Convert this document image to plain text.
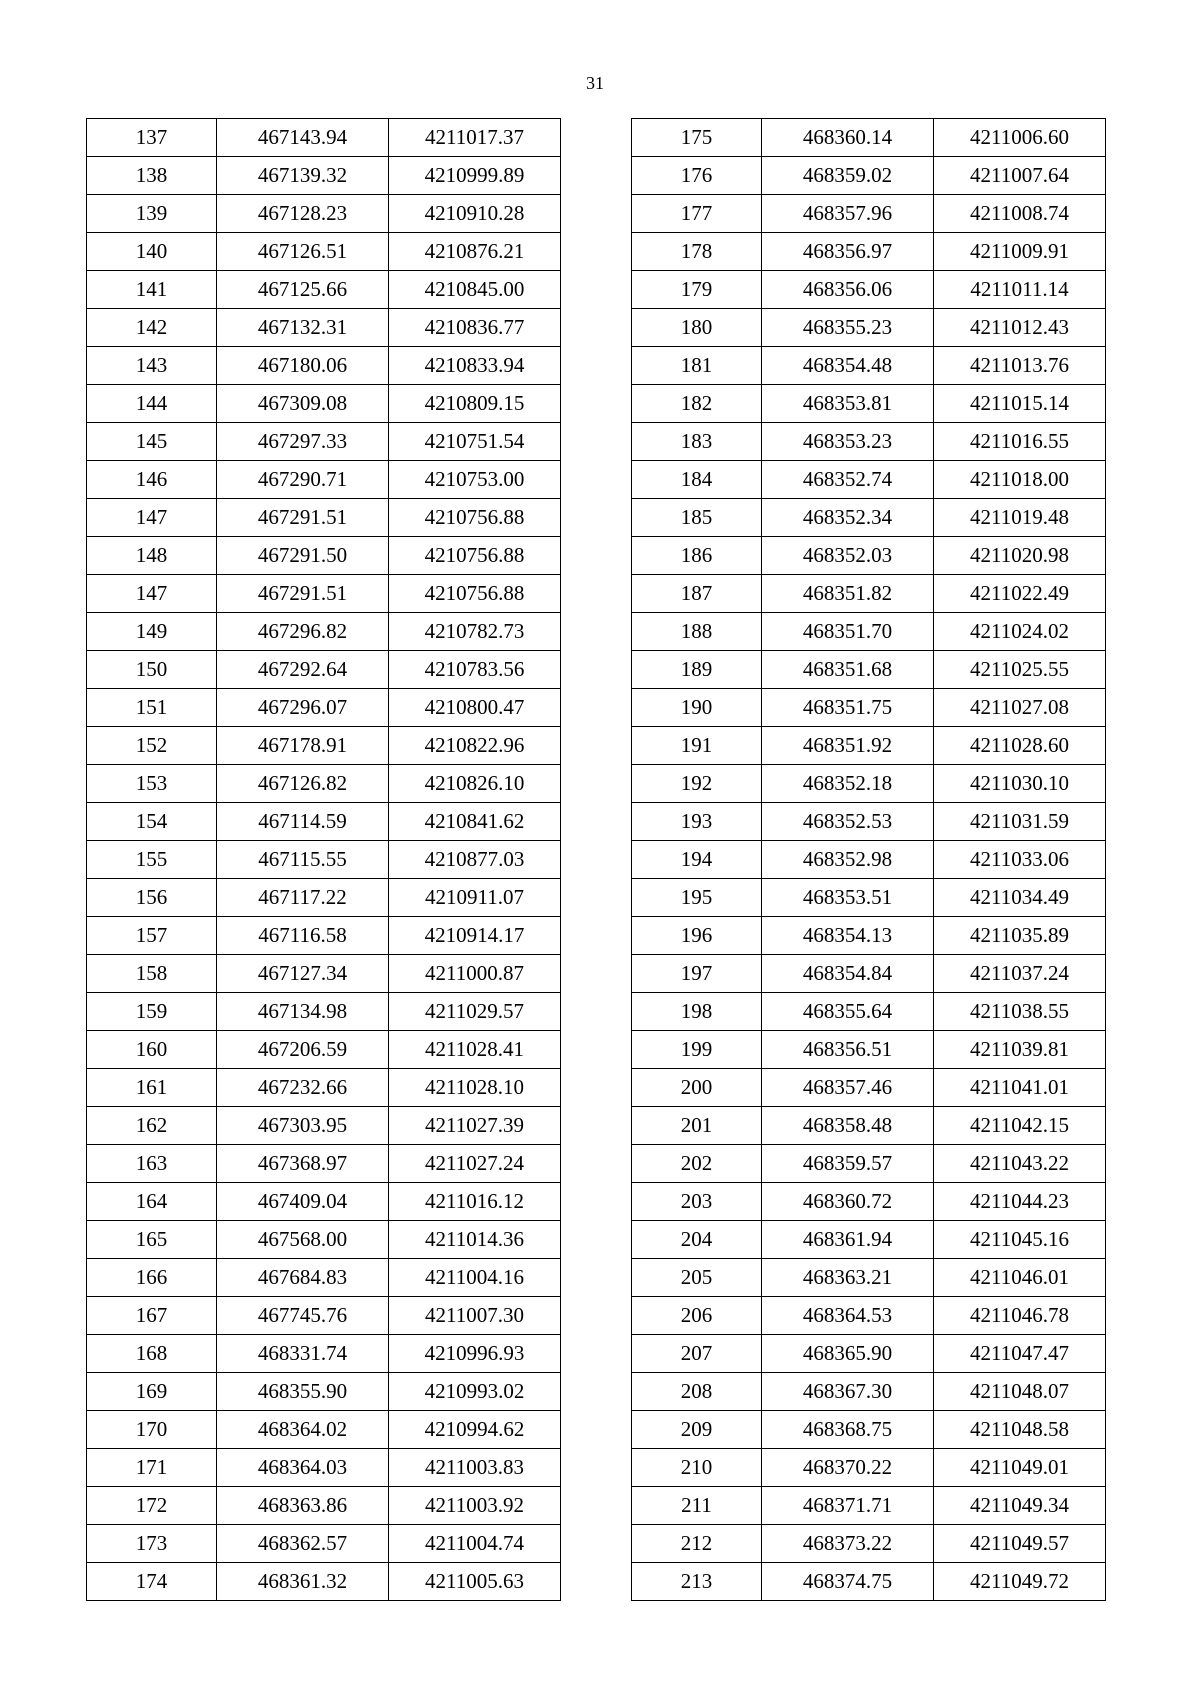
31
137	467143.94	4211017.37
138	467139.32	4210999.89
139	467128.23	4210910.28
140	467126.51	4210876.21
141	467125.66	4210845.00
142	467132.31	4210836.77
143	467180.06	4210833.94
144	467309.08	4210809.15
145	467297.33	4210751.54
146	467290.71	4210753.00
147	467291.51	4210756.88
148	467291.50	4210756.88
147	467291.51	4210756.88
149	467296.82	4210782.73
150	467292.64	4210783.56
151	467296.07	4210800.47
152	467178.91	4210822.96
153	467126.82	4210826.10
154	467114.59	4210841.62
155	467115.55	4210877.03
156	467117.22	4210911.07
157	467116.58	4210914.17
158	467127.34	4211000.87
159	467134.98	4211029.57
160	467206.59	4211028.41
161	467232.66	4211028.10
162	467303.95	4211027.39
163	467368.97	4211027.24
164	467409.04	4211016.12
165	467568.00	4211014.36
166	467684.83	4211004.16
167	467745.76	4211007.30
168	468331.74	4210996.93
169	468355.90	4210993.02
170	468364.02	4210994.62
171	468364.03	4211003.83
172	468363.86	4211003.92
173	468362.57	4211004.74
174	468361.32	4211005.63
175	468360.14	4211006.60
176	468359.02	4211007.64
177	468357.96	4211008.74
178	468356.97	4211009.91
179	468356.06	4211011.14
180	468355.23	4211012.43
181	468354.48	4211013.76
182	468353.81	4211015.14
183	468353.23	4211016.55
184	468352.74	4211018.00
185	468352.34	4211019.48
186	468352.03	4211020.98
187	468351.82	4211022.49
188	468351.70	4211024.02
189	468351.68	4211025.55
190	468351.75	4211027.08
191	468351.92	4211028.60
192	468352.18	4211030.10
193	468352.53	4211031.59
194	468352.98	4211033.06
195	468353.51	4211034.49
196	468354.13	4211035.89
197	468354.84	4211037.24
198	468355.64	4211038.55
199	468356.51	4211039.81
200	468357.46	4211041.01
201	468358.48	4211042.15
202	468359.57	4211043.22
203	468360.72	4211044.23
204	468361.94	4211045.16
205	468363.21	4211046.01
206	468364.53	4211046.78
207	468365.90	4211047.47
208	468367.30	4211048.07
209	468368.75	4211048.58
210	468370.22	4211049.01
211	468371.71	4211049.34
212	468373.22	4211049.57
213	468374.75	4211049.72
